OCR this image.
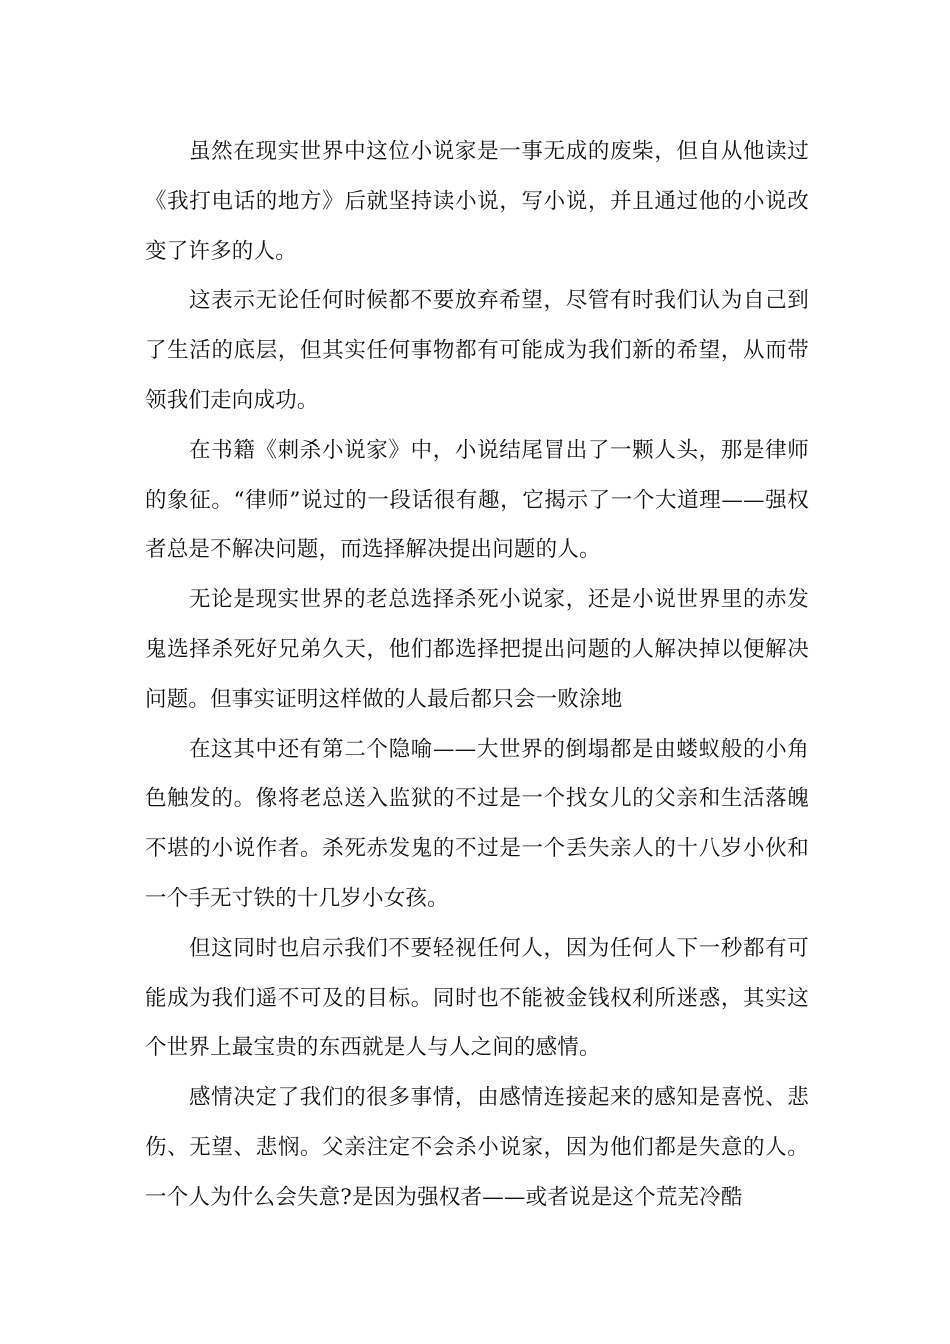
虽然在现实世界中这位小说家是一事无成的废柴，但自从他读过《我打电话的地方》后就坚持读小说，写小说，并且通过他的小说改变了许多的人。

这表示无论任何时候都不要放弃希望，尽管有时我们认为自己到了生活的底层，但其实任何事物都有可能成为我们新的希望，从而带领我们走向成功。

在书籍《刺杀小说家》中，小说结尾冒出了一颗人头，那是律师的象征。“律师”说过的一段话很有趣，它揭示了一个大道理——强权者总是不解决问题，而选择解决提出问题的人。

无论是现实世界的老总选择杀死小说家，还是小说世界里的赤发鬼选择杀死好兄弟久天，他们都选择把提出问题的人解决掉以便解决问题。但事实证明这样做的人最后都只会一败涂地

在这其中还有第二个隐喻——大世界的倒塌都是由蝼蚁般的小角色触发的。像将老总送入监狱的不过是一个找女儿的父亲和生活落魄不堪的小说作者。杀死赤发鬼的不过是一个丢失亲人的十八岁小伙和一个手无寸铁的十几岁小女孩。

但这同时也启示我们不要轻视任何人，因为任何人下一秒都有可能成为我们遥不可及的目标。同时也不能被金钱权利所迷惑，其实这个世界上最宝贵的东西就是人与人之间的感情。

感情决定了我们的很多事情，由感情连接起来的感知是喜悦、悲伤、无望、悲悯。父亲注定不会杀小说家，因为他们都是失意的人。一个人为什么会失意?是因为强权者——或者说是这个荒芜冷酷
